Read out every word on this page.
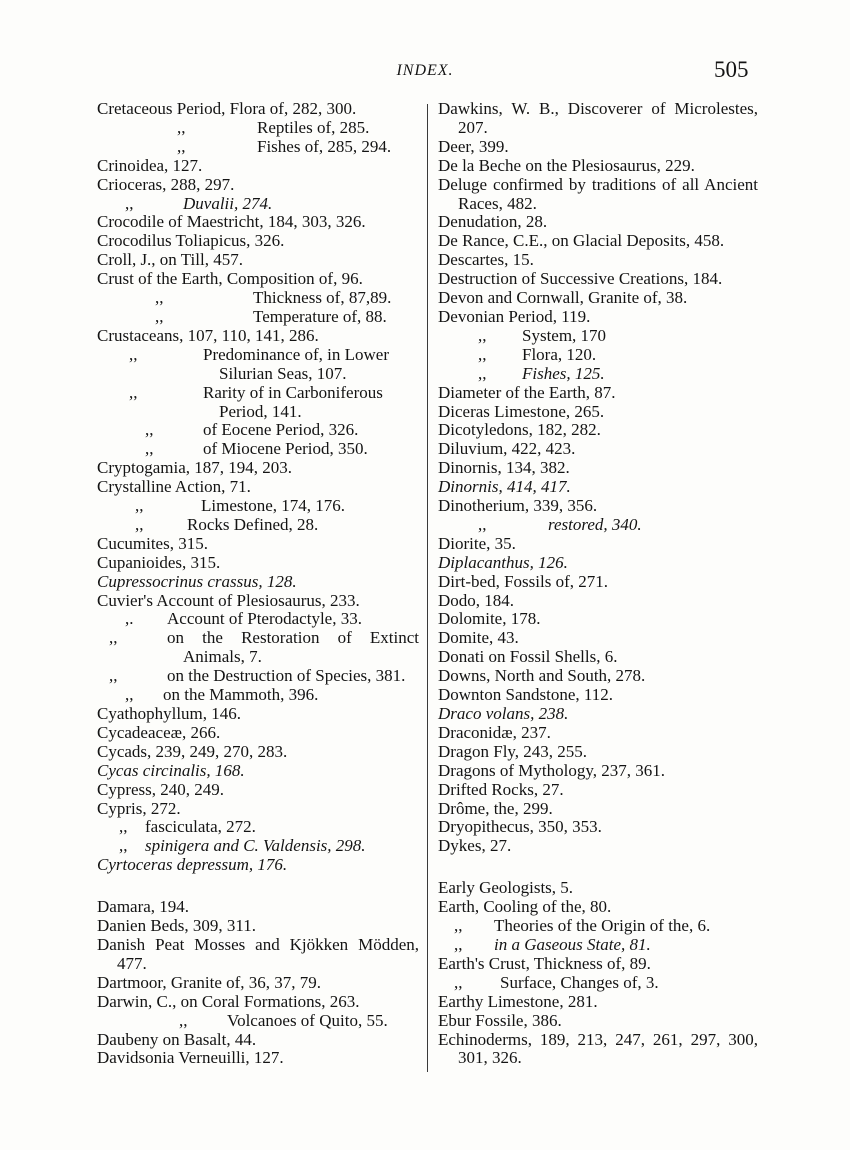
INDEX.	505

Cretaceous Period, Flora of, 282, 300.

,,	Reptiles of, 285.

,,	Fishes of, 285, 294.

Crinoidea, 127.

Crioceras, 288, 297.

,,	Duvalii, 274.

Crocodile of Maestricht, 184, 303, 326.

Crocodilus Toliapicus, 326.

Croll, J., on Till, 457.

Crust of the Earth, Composition of, 96.

,,	Thickness of, 87,89.

,,	Temperature of, 88.

Crustaceans, 107, 110, 141, 286.

,,	Predominance of, in Lower Silurian Seas, 107.

,,	Rarity of in Carboniferous Period, 141.

,,	of Eocene Period, 326.

,,	of Miocene Period, 350.

Cryptogamia, 187, 194, 203.

Crystalline Action, 71.

,,	Limestone, 174, 176.

,,	Rocks Defined, 28.

Cucumites, 315.

Cupanioides, 315.

Cupressocrinus crassus, 128.

Cuvier's Account of Plesiosaurus, 233.

,. Account of Pterodactyle, 33.

,,	on the Restoration of Extinct Animals, 7.

,,	on the Destruction of Species, 381.

,, on the Mammoth, 396.

Cyathophyllum, 146.

Cycadeaceæ, 266.

Cycads, 239, 249, 270, 283.

Cycas circinalis, 168.

Cypress, 240, 249.

Cypris, 272.

,, fasciculata, 272.

,, spinigera and C. Valdensis, 298.

Cyrtoceras depressum, 176.

Damara, 194.

Danien Beds, 309, 311.

Danish Peat Mosses and Kjökken Mödden, 477.

Dartmoor, Granite of, 36, 37, 79.

Darwin, C., on Coral Formations, 263.

,, Volcanoes of Quito, 55.

Daubeny on Basalt, 44.

Davidsonia Verneuilli, 127.

Dawkins, W. B., Discoverer of Microlestes, 207.

Deer, 399.

De la Beche on the Plesiosaurus, 229.

Deluge confirmed by traditions of all Ancient Races, 482.

Denudation, 28.

De Rance, C.E., on Glacial Deposits, 458.

Descartes, 15.

Destruction of Successive Creations, 184.

Devon and Cornwall, Granite of, 38.

Devonian Period, 119.

,, System, 170

,, Flora, 120.

,, Fishes, 125.

Diameter of the Earth, 87.

Diceras Limestone, 265.

Dicotyledons, 182, 282.

Diluvium, 422, 423.

Dinornis, 134, 382.

Dinornis, 414, 417.

Dinotherium, 339, 356.

,,	restored, 340.

Diorite, 35.

Diplacanthus, 126.

Dirt-bed, Fossils of, 271.

Dodo, 184.

Dolomite, 178.

Domite, 43.

Donati on Fossil Shells, 6.

Downs, North and South, 278.

Downton Sandstone, 112.

Draco volans, 238.

Draconidæ, 237.

Dragon Fly, 243, 255.

Dragons of Mythology, 237, 361.

Drifted Rocks, 27.

Drôme, the, 299.

Dryopithecus, 350, 353.

Dykes, 27.

Early Geologists, 5.

Earth, Cooling of the, 80.

,, Theories of the Origin of the, 6.

,, in a Gaseous State, 81.

Earth's Crust, Thickness of, 89.

,, Surface, Changes of, 3.

Earthy Limestone, 281.

Ebur Fossile, 386.

Echinoderms, 189, 213, 247, 261, 297, 300, 301, 326.
